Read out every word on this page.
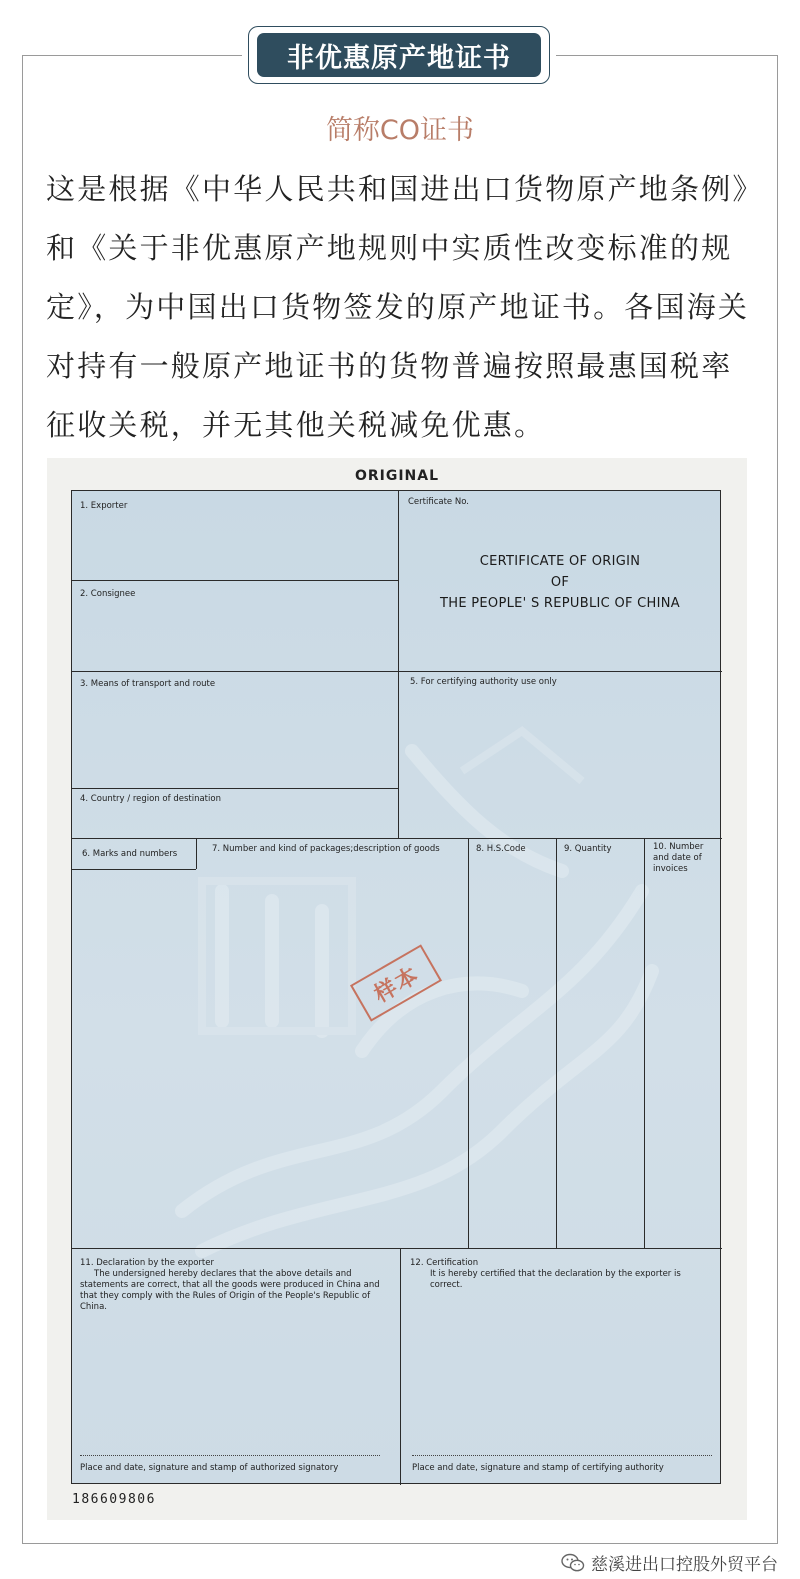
非优惠原产地证书
简称CO证书
这是根据《中华人民共和国进出口货物原产地条例》和《关于非优惠原产地规则中实质性改变标准的规定》，为中国出口货物签发的原产地证书。各国海关对持有一般原产地证书的货物普遍按照最惠国税率征收关税，并无其他关税减免优惠。
ORIGINAL
1. Exporter
2. Consignee
3. Means of transport and route
4. Country / region of destination
Certificate No.
CERTIFICATE OF ORIGIN
OF
THE PEOPLE' S REPUBLIC OF CHINA
5. For certifying authority use only
6. Marks and numbers	7. Number and kind of packages;description of goods	8. H.S.Code	9. Quantity	10. Number and date of invoices
样本
11. Declaration by the exporter
The undersigned hereby declares that the above details and statements are correct, that all the goods were produced in China and that they comply with the Rules of Origin of the People's Republic of China.
12. Certification
It is hereby certified that the declaration by the exporter is correct.
Place and date, signature and stamp of authorized signatory	Place and date, signature and stamp of certifying authority
186609806
慈溪进出口控股外贸平台
